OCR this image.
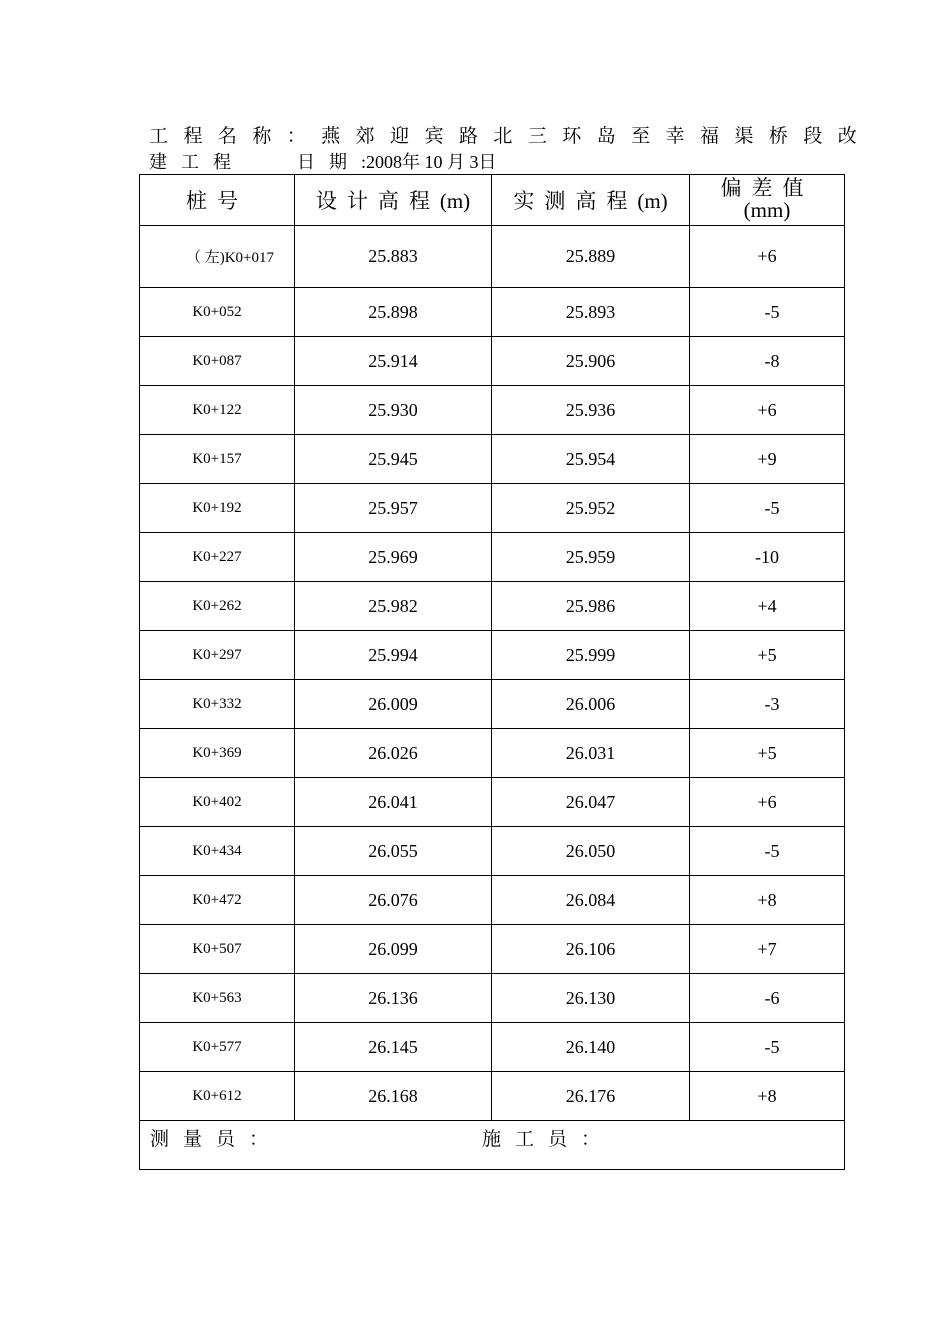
工 程 名 称 ： 燕 郊 迎 宾 路 北 三 环 岛 至 幸 福 渠 桥 段 改
建工程	日期:2008年 10 月 3日
桩号	设计高程(m)	实测高程(m)	偏差值
(mm)
（ 左)K0+017	25.883	25.889	+6
K0+052	25.898	25.893	-5
K0+087	25.914	25.906	-8
K0+122	25.930	25.936	+6
K0+157	25.945	25.954	+9
K0+192	25.957	25.952	-5
K0+227	25.969	25.959	-10
K0+262	25.982	25.986	+4
K0+297	25.994	25.999	+5
K0+332	26.009	26.006	-3
K0+369	26.026	26.031	+5
K0+402	26.041	26.047	+6
K0+434	26.055	26.050	-5
K0+472	26.076	26.084	+8
K0+507	26.099	26.106	+7
K0+563	26.136	26.130	-6
K0+577	26.145	26.140	-5
K0+612	26.168	26.176	+8

测量员： 施工员：			
